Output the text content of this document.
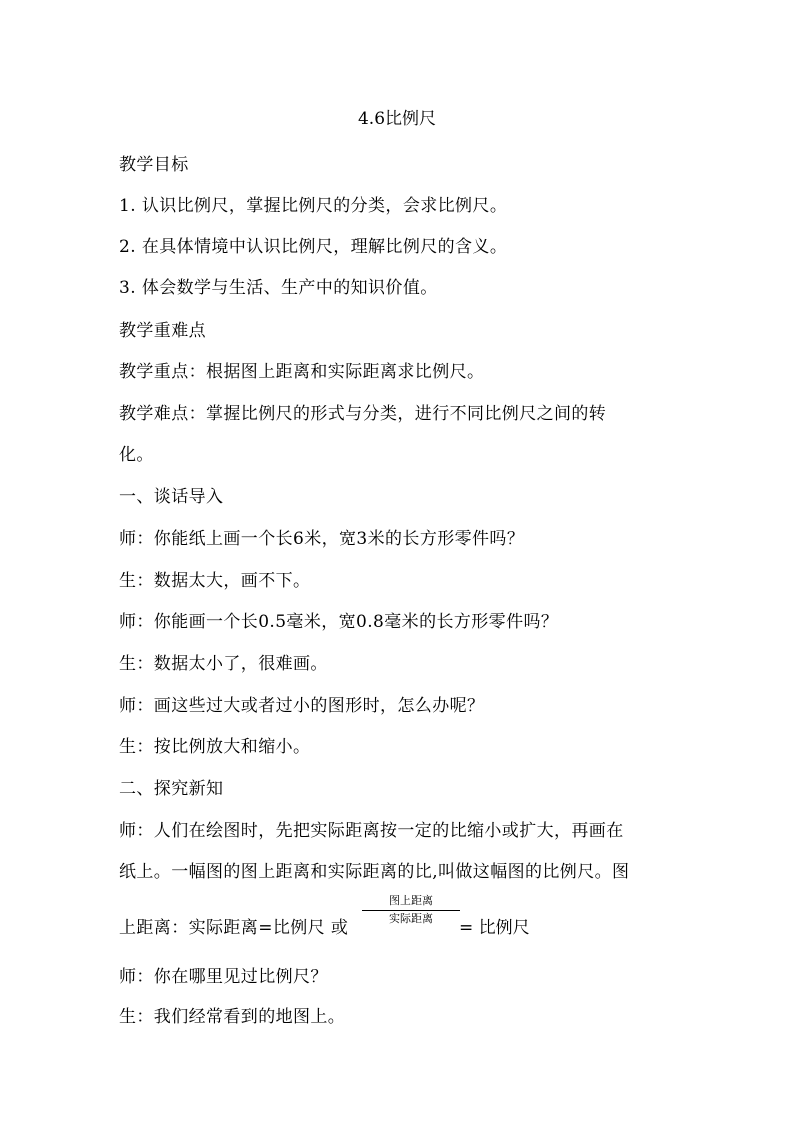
4.6比例尺
教学目标
1. 认识比例尺，掌握比例尺的分类，会求比例尺。
2. 在具体情境中认识比例尺，理解比例尺的含义。
3. 体会数学与生活、生产中的知识价值。
教学重难点
教学重点：根据图上距离和实际距离求比例尺。
教学难点：掌握比例尺的形式与分类，进行不同比例尺之间的转
化。
一、谈话导入
师：你能纸上画一个长6米，宽3米的长方形零件吗？
生：数据太大，画不下。
师：你能画一个长0.5毫米，宽0.8毫米的长方形零件吗？
生：数据太小了，很难画。
师：画这些过大或者过小的图形时，怎么办呢？
生：按比例放大和缩小。
二、探究新知
师：人们在绘图时，先把实际距离按一定的比缩小或扩大，再画在
纸上。一幅图的图上距离和实际距离的比,叫做这幅图的比例尺。图
上距离：实际距离=比例尺 或
图上距离
实际距离	= 比例尺
师：你在哪里见过比例尺？
生：我们经常看到的地图上。
